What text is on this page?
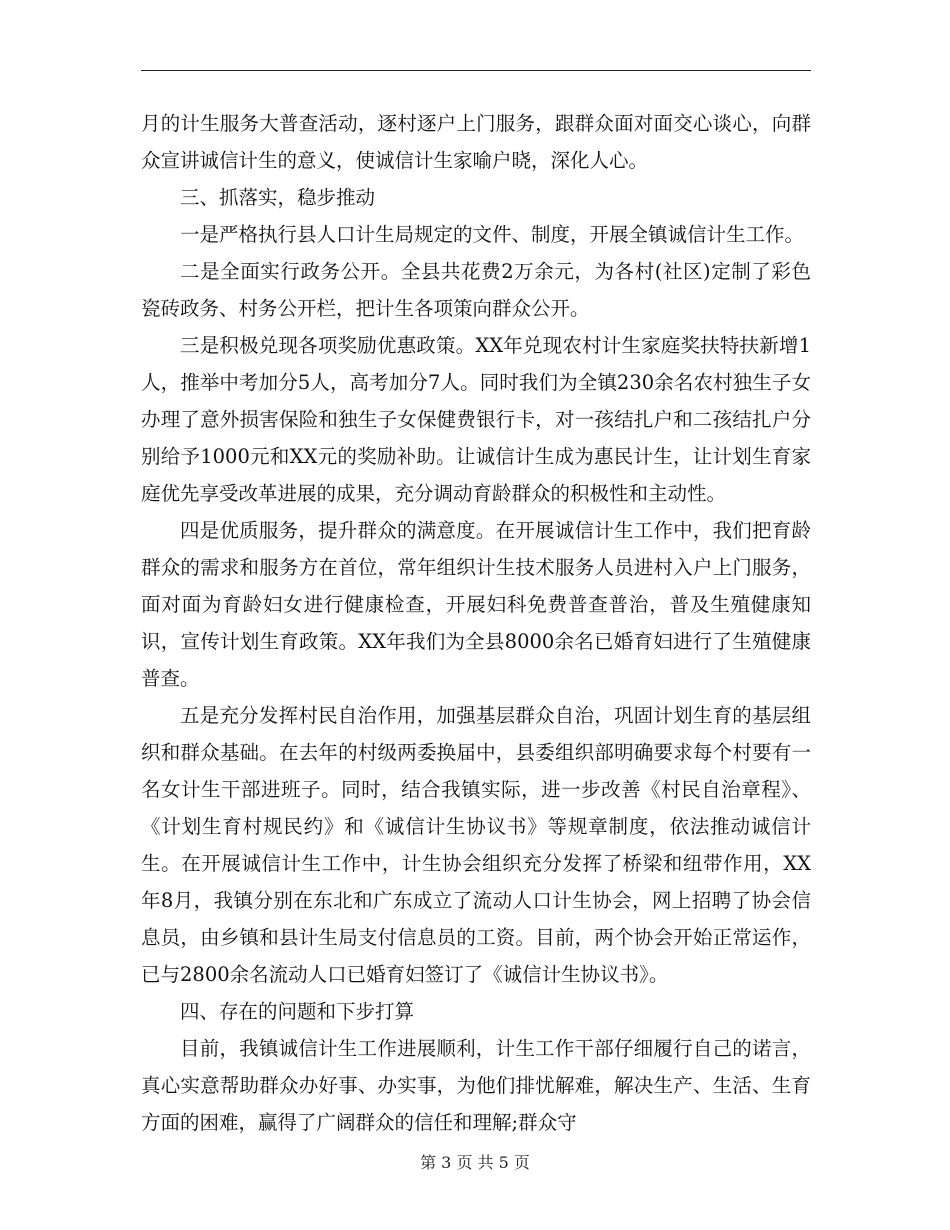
月的计生服务大普查活动，逐村逐户上门服务，跟群众面对面交心谈心，向群众宣讲诚信计生的意义，使诚信计生家喻户晓，深化人心。

三、抓落实，稳步推动

一是严格执行县人口计生局规定的文件、制度，开展全镇诚信计生工作。

二是全面实行政务公开。全县共花费2万余元，为各村(社区)定制了彩色瓷砖政务、村务公开栏，把计生各项策向群众公开。

三是积极兑现各项奖励优惠政策。XX年兑现农村计生家庭奖扶特扶新增1人，推举中考加分5人，高考加分7人。同时我们为全镇230余名农村独生子女办理了意外损害保险和独生子女保健费银行卡，对一孩结扎户和二孩结扎户分别给予1000元和XX元的奖励补助。让诚信计生成为惠民计生，让计划生育家庭优先享受改革进展的成果，充分调动育龄群众的积极性和主动性。

四是优质服务，提升群众的满意度。在开展诚信计生工作中，我们把育龄群众的需求和服务方在首位，常年组织计生技术服务人员进村入户上门服务，面对面为育龄妇女进行健康检查，开展妇科免费普查普治，普及生殖健康知识，宣传计划生育政策。XX年我们为全县8000余名已婚育妇进行了生殖健康普查。

五是充分发挥村民自治作用，加强基层群众自治，巩固计划生育的基层组织和群众基础。在去年的村级两委换届中，县委组织部明确要求每个村要有一名女计生干部进班子。同时，结合我镇实际，进一步改善《村民自治章程》、《计划生育村规民约》和《诚信计生协议书》等规章制度，依法推动诚信计生。在开展诚信计生工作中，计生协会组织充分发挥了桥梁和纽带作用，XX年8月，我镇分别在东北和广东成立了流动人口计生协会，网上招聘了协会信息员，由乡镇和县计生局支付信息员的工资。目前，两个协会开始正常运作，已与2800余名流动人口已婚育妇签订了《诚信计生协议书》。

四、存在的问题和下步打算

目前，我镇诚信计生工作进展顺利，计生工作干部仔细履行自己的诺言，真心实意帮助群众办好事、办实事，为他们排忧解难，解决生产、生活、生育方面的困难，赢得了广阔群众的信任和理解;群众守

第 3 页 共 5 页
